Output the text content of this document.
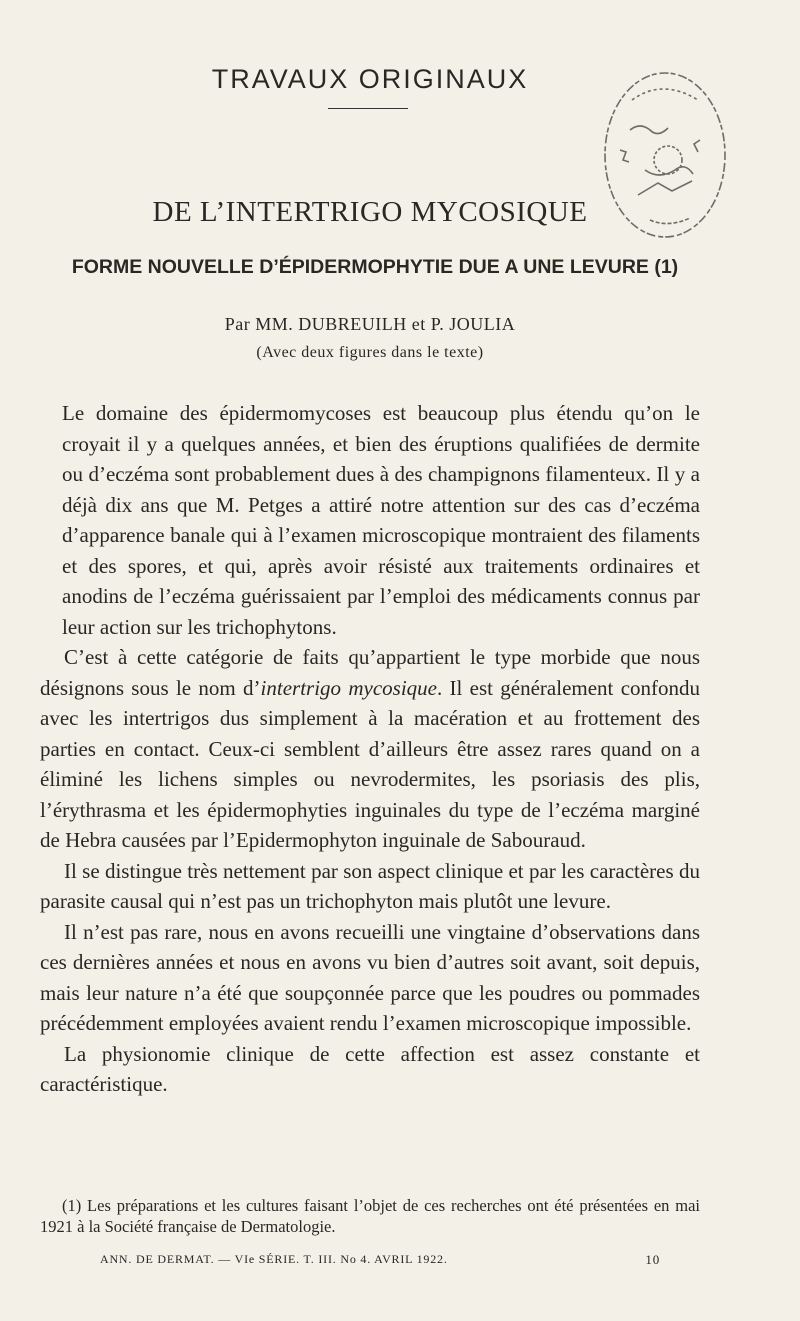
TRAVAUX ORIGINAUX
DE L’INTERTRIGO MYCOSIQUE
FORME NOUVELLE D’ÉPIDERMOPHYTIE DUE A UNE LEVURE (1)
Par MM. DUBREUILH et P. JOULIA
(Avec deux figures dans le texte)

Le domaine des épidermomycoses est beaucoup plus étendu qu’on le croyait il y a quelques années, et bien des éruptions qualifiées de dermite ou d’eczéma sont probablement dues à des champignons filamenteux. Il y a déjà dix ans que M. Petges a attiré notre attention sur des cas d’eczéma d’apparence banale qui à l’examen microscopique montraient des filaments et des spores, et qui, après avoir résisté aux traitements ordinaires et anodins de l’eczéma guérissaient par l’emploi des médicaments connus par leur action sur les trichophytons.

C’est à cette catégorie de faits qu’appartient le type morbide que nous désignons sous le nom d’intertrigo mycosique. Il est généralement confondu avec les intertrigos dus simplement à la macération et au frottement des parties en contact. Ceux-ci semblent d’ailleurs être assez rares quand on a éliminé les lichens simples ou nevrodermites, les psoriasis des plis, l’érythrasma et les épidermophyties inguinales du type de l’eczéma marginé de Hebra causées par l’Epidermophyton inguinale de Sabouraud.

Il se distingue très nettement par son aspect clinique et par les caractères du parasite causal qui n’est pas un trichophyton mais plutôt une levure.

Il n’est pas rare, nous en avons recueilli une vingtaine d’observations dans ces dernières années et nous en avons vu bien d’autres soit avant, soit depuis, mais leur nature n’a été que soupçonnée parce que les poudres ou pommades précédemment employées avaient rendu l’examen microscopique impossible.

La physionomie clinique de cette affection est assez constante et caractéristique.

(1) Les préparations et les cultures faisant l’objet de ces recherches ont été présentées en mai 1921 à la Société française de Dermatologie.
ANN. DE DERMAT. — VIe SÉRIE. T. III. No 4. AVRIL 1922.	10
